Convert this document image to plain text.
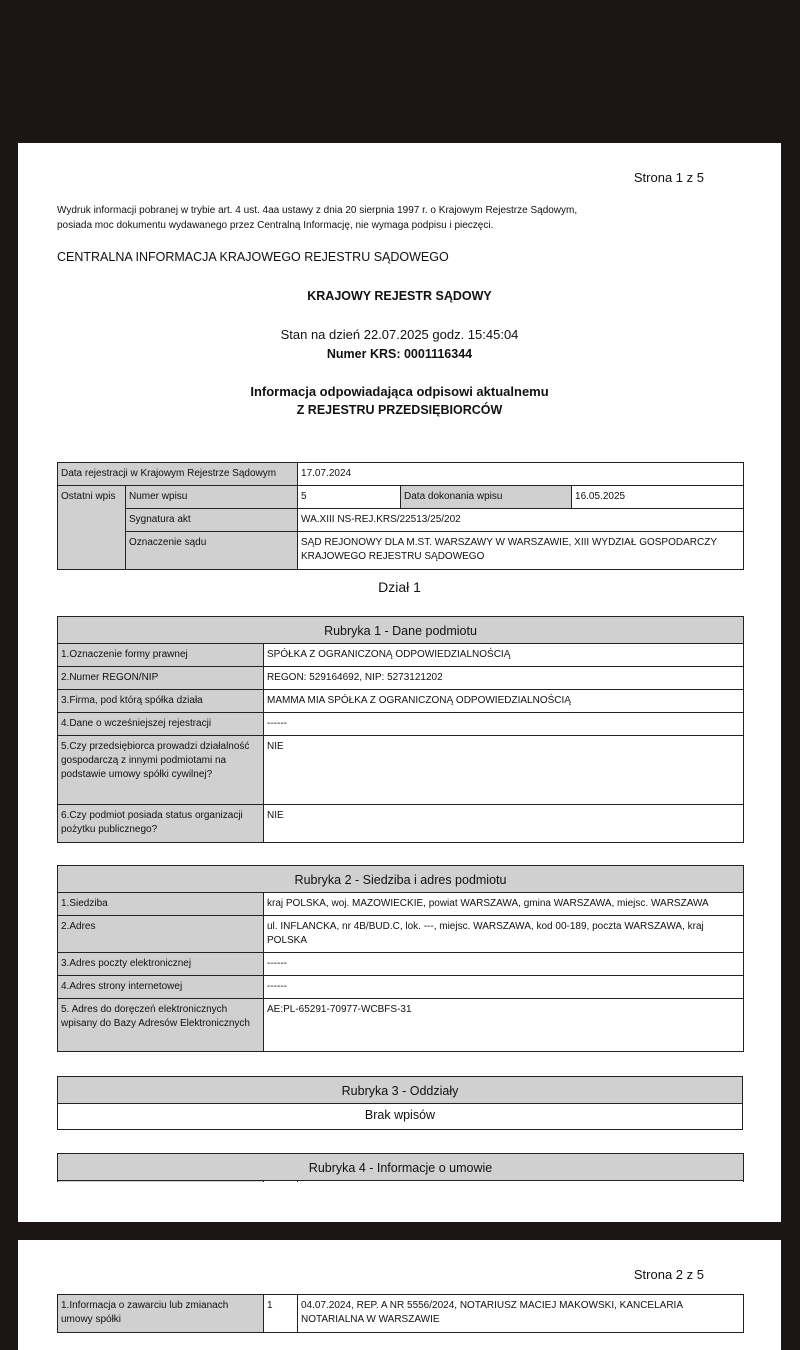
Strona 1 z 5
Wydruk informacji pobranej w trybie art. 4 ust. 4aa ustawy z dnia 20 sierpnia 1997 r. o Krajowym Rejestrze Sądowym,
posiada moc dokumentu wydawanego przez Centralną Informację, nie wymaga podpisu i pieczęci.
CENTRALNA INFORMACJA KRAJOWEGO REJESTRU SĄDOWEGO
KRAJOWY REJESTR SĄDOWY
Stan na dzień 22.07.2025 godz. 15:45:04
Numer KRS: 0001116344
Informacja odpowiadająca odpisowi aktualnemu
Z REJESTRU PRZEDSIĘBIORCÓW
Data rejestracji w Krajowym Rejestrze Sądowym		17.07.2024		
Ostatni wpis	Numer wpisu	5	Data dokonania wpisu	16.05.2025
	Sygnatura akt	WA.XIII NS-REJ.KRS/22513/25/202		
	Oznaczenie sądu	SĄD REJONOWY DLA M.ST. WARSZAWY W WARSZAWIE, XIII WYDZIAŁ GOSPODARCZY KRAJOWEGO REJESTRU SĄDOWEGO		
Dział 1
Rubryka 1 - Dane podmiotu	
1.Oznaczenie formy prawnej	SPÓŁKA Z OGRANICZONĄ ODPOWIEDZIALNOŚCIĄ
2.Numer REGON/NIP	REGON: 529164692, NIP: 5273121202
3.Firma, pod którą spółka działa	MAMMA MIA SPÓŁKA Z OGRANICZONĄ ODPOWIEDZIALNOŚCIĄ
4.Dane o wcześniejszej rejestracji	------
5.Czy przedsiębiorca prowadzi działalność gospodarczą z innymi podmiotami na podstawie umowy spółki cywilnej?	NIE
6.Czy podmiot posiada status organizacji pożytku publicznego?	NIE
Rubryka 2 - Siedziba i adres podmiotu	
1.Siedziba	kraj POLSKA, woj. MAZOWIECKIE, powiat WARSZAWA, gmina WARSZAWA, miejsc. WARSZAWA
2.Adres	ul. INFLANCKA, nr 4B/BUD.C, lok. ---, miejsc. WARSZAWA, kod 00-189, poczta WARSZAWA, kraj POLSKA
3.Adres poczty elektronicznej	------
4.Adres strony internetowej	------
5. Adres do doręczeń elektronicznych wpisany do Bazy Adresów Elektronicznych	AE:PL-65291-70977-WCBFS-31
Rubryka 3 - Oddziały
Brak wpisów
Rubryka 4 - Informacje o umowie

Strona 2 z 5
1.Informacja o zawarciu lub zmianach umowy spółki	1	04.07.2024, REP. A NR 5556/2024, NOTARIUSZ MACIEJ MAKOWSKI, KANCELARIA NOTARIALNA W WARSZAWIE
